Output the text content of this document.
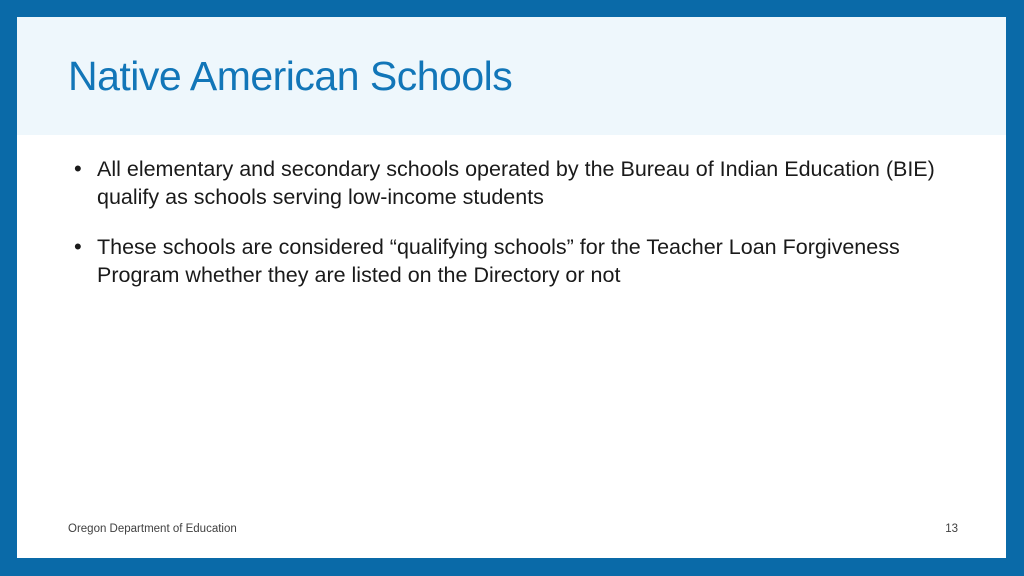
Native American Schools
• All elementary and secondary schools operated by the Bureau of Indian Education (BIE) qualify as schools serving low-income students
• These schools are considered “qualifying schools” for the Teacher Loan Forgiveness Program whether they are listed on the Directory or not
Oregon Department of Education	13
